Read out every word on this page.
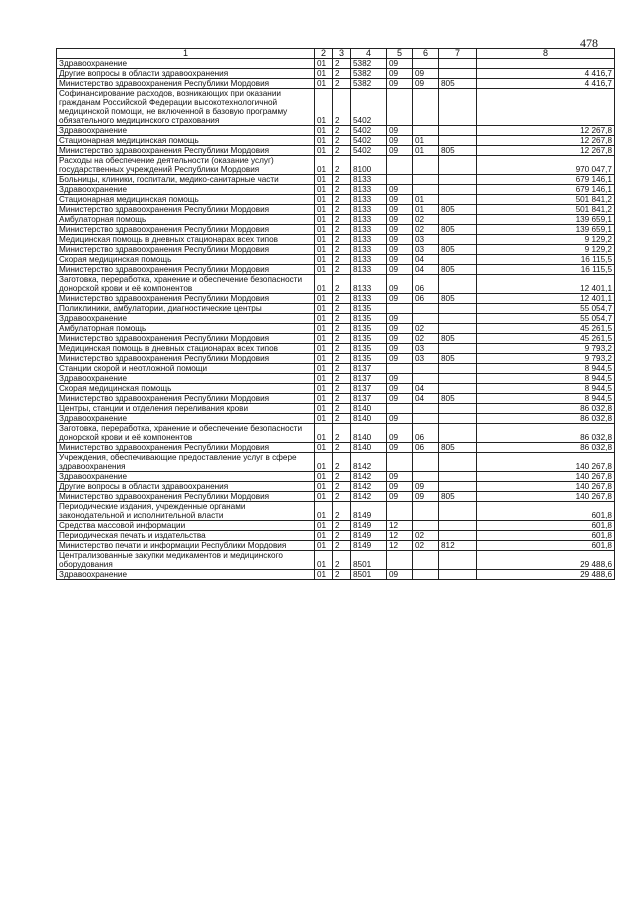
478
1	2	3	4	5	6	7	8
Здравоохранение	01	2	5382	09			
Другие вопросы в области здравоохранения	01	2	5382	09	09		4 416,7
Министерство здравоохранения Республики Мордовия	01	2	5382	09	09	805	4 416,7
Софинансирование расходов, возникающих при оказании гражданам Российской Федерации высокотехнологичной медицинской помощи, не включенной в базовую программу обязательного медицинского страхования	01	2	5402				
Здравоохранение	01	2	5402	09			12 267,8
Стационарная медицинская помощь	01	2	5402	09	01		12 267,8
Министерство здравоохранения Республики Мордовия	01	2	5402	09	01	805	12 267,8
Расходы на обеспечение деятельности (оказание услуг) государственных учреждений Республики Мордовия	01	2	8100				970 047,7
Больницы, клиники, госпитали, медико-санитарные части	01	2	8133				679 146,1
Здравоохранение	01	2	8133	09			679 146,1
Стационарная медицинская помощь	01	2	8133	09	01		501 841,2
Министерство здравоохранения Республики Мордовия	01	2	8133	09	01	805	501 841,2
Амбулаторная помощь	01	2	8133	09	02		139 659,1
Министерство здравоохранения Республики Мордовия	01	2	8133	09	02	805	139 659,1
Медицинская помощь в дневных стационарах всех типов	01	2	8133	09	03		9 129,2
Министерство здравоохранения Республики Мордовия	01	2	8133	09	03	805	9 129,2
Скорая медицинская помощь	01	2	8133	09	04		16 115,5
Министерство здравоохранения Республики Мордовия	01	2	8133	09	04	805	16 115,5
Заготовка, переработка, хранение и обеспечение безопасности донорской крови и её компонентов	01	2	8133	09	06		12 401,1
Министерство здравоохранения Республики Мордовия	01	2	8133	09	06	805	12 401,1
Поликлиники, амбулатории, диагностические центры	01	2	8135				55 054,7
Здравоохранение	01	2	8135	09			55 054,7
Амбулаторная помощь	01	2	8135	09	02		45 261,5
Министерство здравоохранения Республики Мордовия	01	2	8135	09	02	805	45 261,5
Медицинская помощь в дневных стационарах всех типов	01	2	8135	09	03		9 793,2
Министерство здравоохранения Республики Мордовия	01	2	8135	09	03	805	9 793,2
Станции скорой и неотложной помощи	01	2	8137				8 944,5
Здравоохранение	01	2	8137	09			8 944,5
Скорая медицинская помощь	01	2	8137	09	04		8 944,5
Министерство здравоохранения Республики Мордовия	01	2	8137	09	04	805	8 944,5
Центры, станции и отделения переливания крови	01	2	8140				86 032,8
Здравоохранение	01	2	8140	09			86 032,8
Заготовка, переработка, хранение и обеспечение безопасности донорской крови и её компонентов	01	2	8140	09	06		86 032,8
Министерство здравоохранения Республики Мордовия	01	2	8140	09	06	805	86 032,8
Учреждения, обеспечивающие предоставление услуг в сфере здравоохранения	01	2	8142				140 267,8
Здравоохранение	01	2	8142	09			140 267,8
Другие вопросы в области здравоохранения	01	2	8142	09	09		140 267,8
Министерство здравоохранения Республики Мордовия	01	2	8142	09	09	805	140 267,8
Периодические издания, учрежденные органами законодательной и исполнительной власти	01	2	8149				601,8
Средства массовой информации	01	2	8149	12			601,8
Периодическая печать и издательства	01	2	8149	12	02		601,8
Министерство печати и информации Республики Мордовия	01	2	8149	12	02	812	601,8
Централизованные закупки медикаментов и медицинского оборудования	01	2	8501				29 488,6
Здравоохранение	01	2	8501	09			29 488,6
